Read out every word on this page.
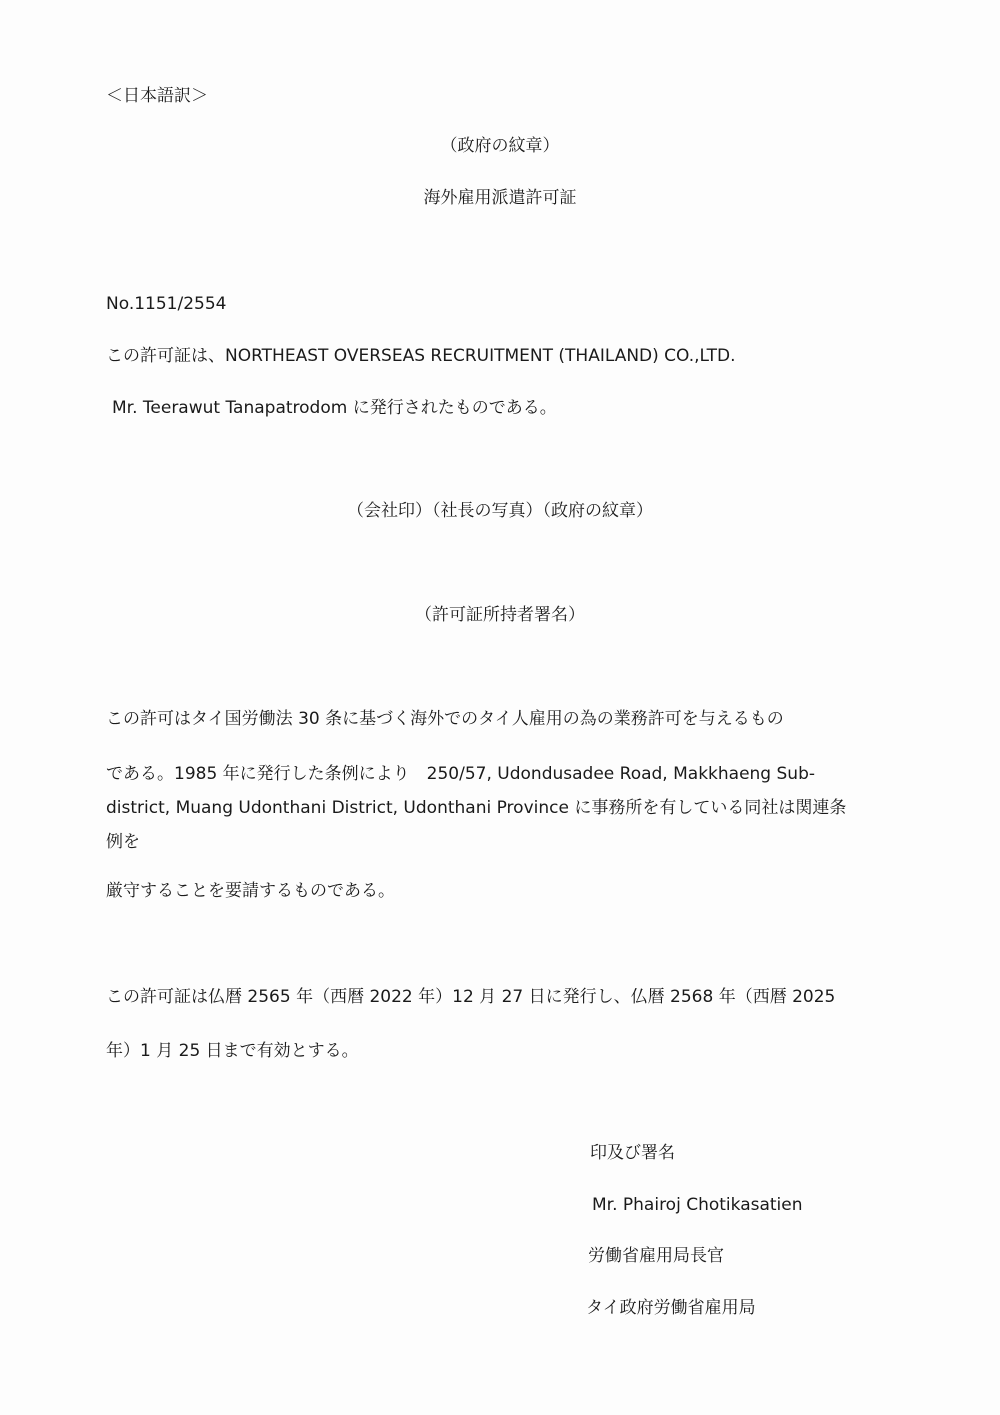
＜日本語訳＞

（政府の紋章）

海外雇用派遣許可証

No.1151/2554

この許可証は、NORTHEAST OVERSEAS RECRUITMENT (THAILAND) CO.,LTD.

Mr. Teerawut Tanapatrodom に発行されたものである。

（会社印）（社長の写真）（政府の紋章）

（許可証所持者署名）

この許可はタイ国労働法 30 条に基づく海外でのタイ人雇用の為の業務許可を与えるもの

である。1985 年に発行した条例により　250/57, Udondusadee Road, Makkhaeng Sub-

district, Muang Udonthani District, Udonthani Province に事務所を有している同社は関連条

例を

厳守することを要請するものである。

この許可証は仏暦 2565 年（西暦 2022 年）12 月 27 日に発行し、仏暦 2568 年（西暦 2025

年）1 月 25 日まで有効とする。

印及び署名

Mr. Phairoj Chotikasatien

労働省雇用局長官

タイ政府労働省雇用局
